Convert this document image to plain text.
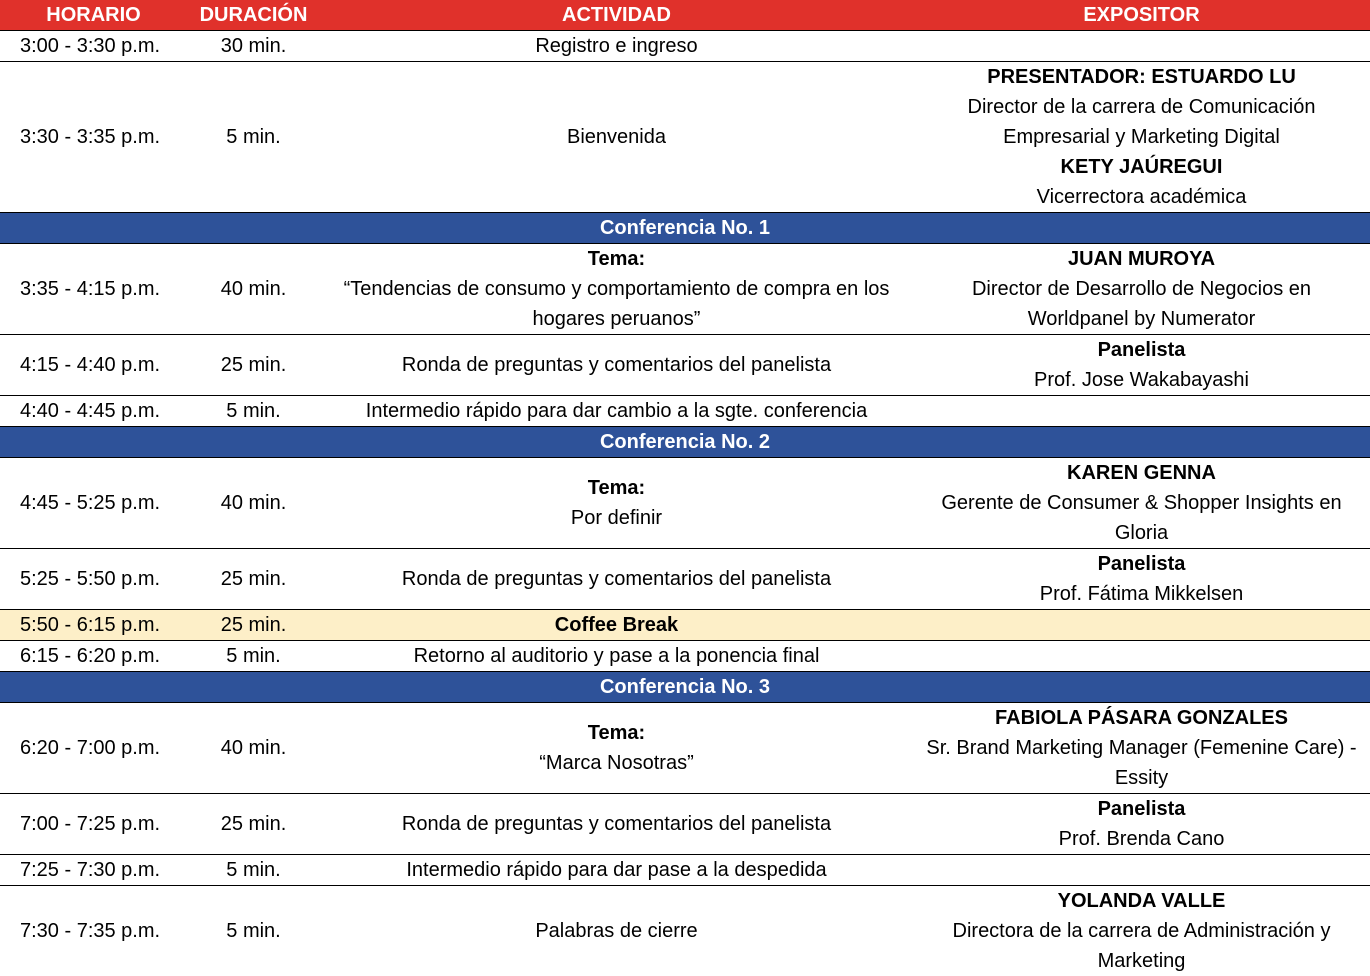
HORARIO	DURACIÓN	ACTIVIDAD	EXPOSITOR
3:00 - 3:30 p.m.	30 min.	Registro e ingreso	
3:30 - 3:35 p.m.	5 min.	Bienvenida	PRESENTADOR: ESTUARDO LU
Director de la carrera de Comunicación
Empresarial y Marketing Digital
KETY JAÚREGUI
Vicerrectora académica

Conferencia No. 1			
3:35 - 4:15 p.m.	40 min.	Tema:
“Tendencias de consumo y comportamiento de compra en los
hogares peruanos”	JUAN MUROYA
Director de Desarrollo de Negocios en
Worldpanel by Numerator

4:15 - 4:40 p.m.	25 min.	Ronda de preguntas y comentarios del panelista	Panelista
Prof. Jose Wakabayashi

4:40 - 4:45 p.m.	5 min.	Intermedio rápido para dar cambio a la sgte. conferencia	
Conferencia No. 2			
4:45 - 5:25 p.m.	40 min.	Tema:
Por definir	KAREN GENNA
Gerente de Consumer & Shopper Insights en
Gloria

5:25 - 5:50 p.m.	25 min.	Ronda de preguntas y comentarios del panelista	Panelista
Prof. Fátima Mikkelsen

5:50 - 6:15 p.m.	25 min.	Coffee Break	
6:15 - 6:20 p.m.	5 min.	Retorno al auditorio y pase a la ponencia final	
Conferencia No. 3			
6:20 - 7:00 p.m.	40 min.	Tema:
“Marca Nosotras”	FABIOLA PÁSARA GONZALES
Sr. Brand Marketing Manager (Femenine Care) -
Essity

7:00 - 7:25 p.m.	25 min.	Ronda de preguntas y comentarios del panelista	Panelista
Prof. Brenda Cano

7:25 - 7:30 p.m.	5 min.	Intermedio rápido para dar pase a la despedida	
7:30 - 7:35 p.m.	5 min.	Palabras de cierre	YOLANDA VALLE
Directora de la carrera de Administración y
Marketing
